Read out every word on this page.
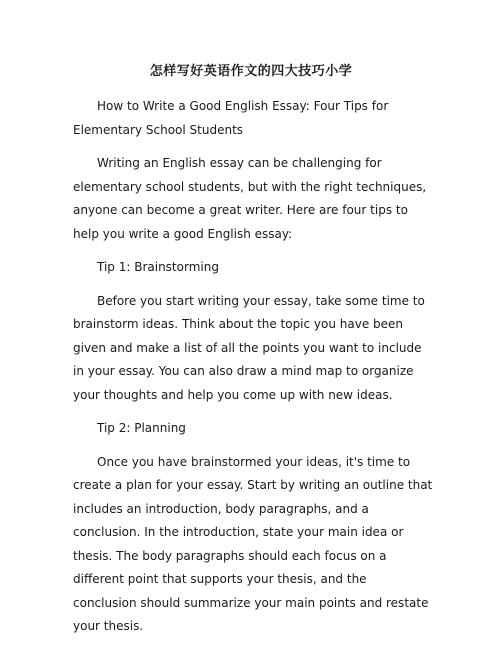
怎样写好英语作文的四大技巧小学

How to Write a Good English Essay: Four Tips for Elementary School Students

Writing an English essay can be challenging for elementary school students, but with the right techniques, anyone can become a great writer. Here are four tips to help you write a good English essay:

Tip 1: Brainstorming

Before you start writing your essay, take some time to brainstorm ideas. Think about the topic you have been given and make a list of all the points you want to include in your essay. You can also draw a mind map to organize your thoughts and help you come up with new ideas.

Tip 2: Planning

Once you have brainstormed your ideas, it's time to create a plan for your essay. Start by writing an outline that includes an introduction, body paragraphs, and a conclusion. In the introduction, state your main idea or thesis. The body paragraphs should each focus on a different point that supports your thesis, and the conclusion should summarize your main points and restate your thesis.
